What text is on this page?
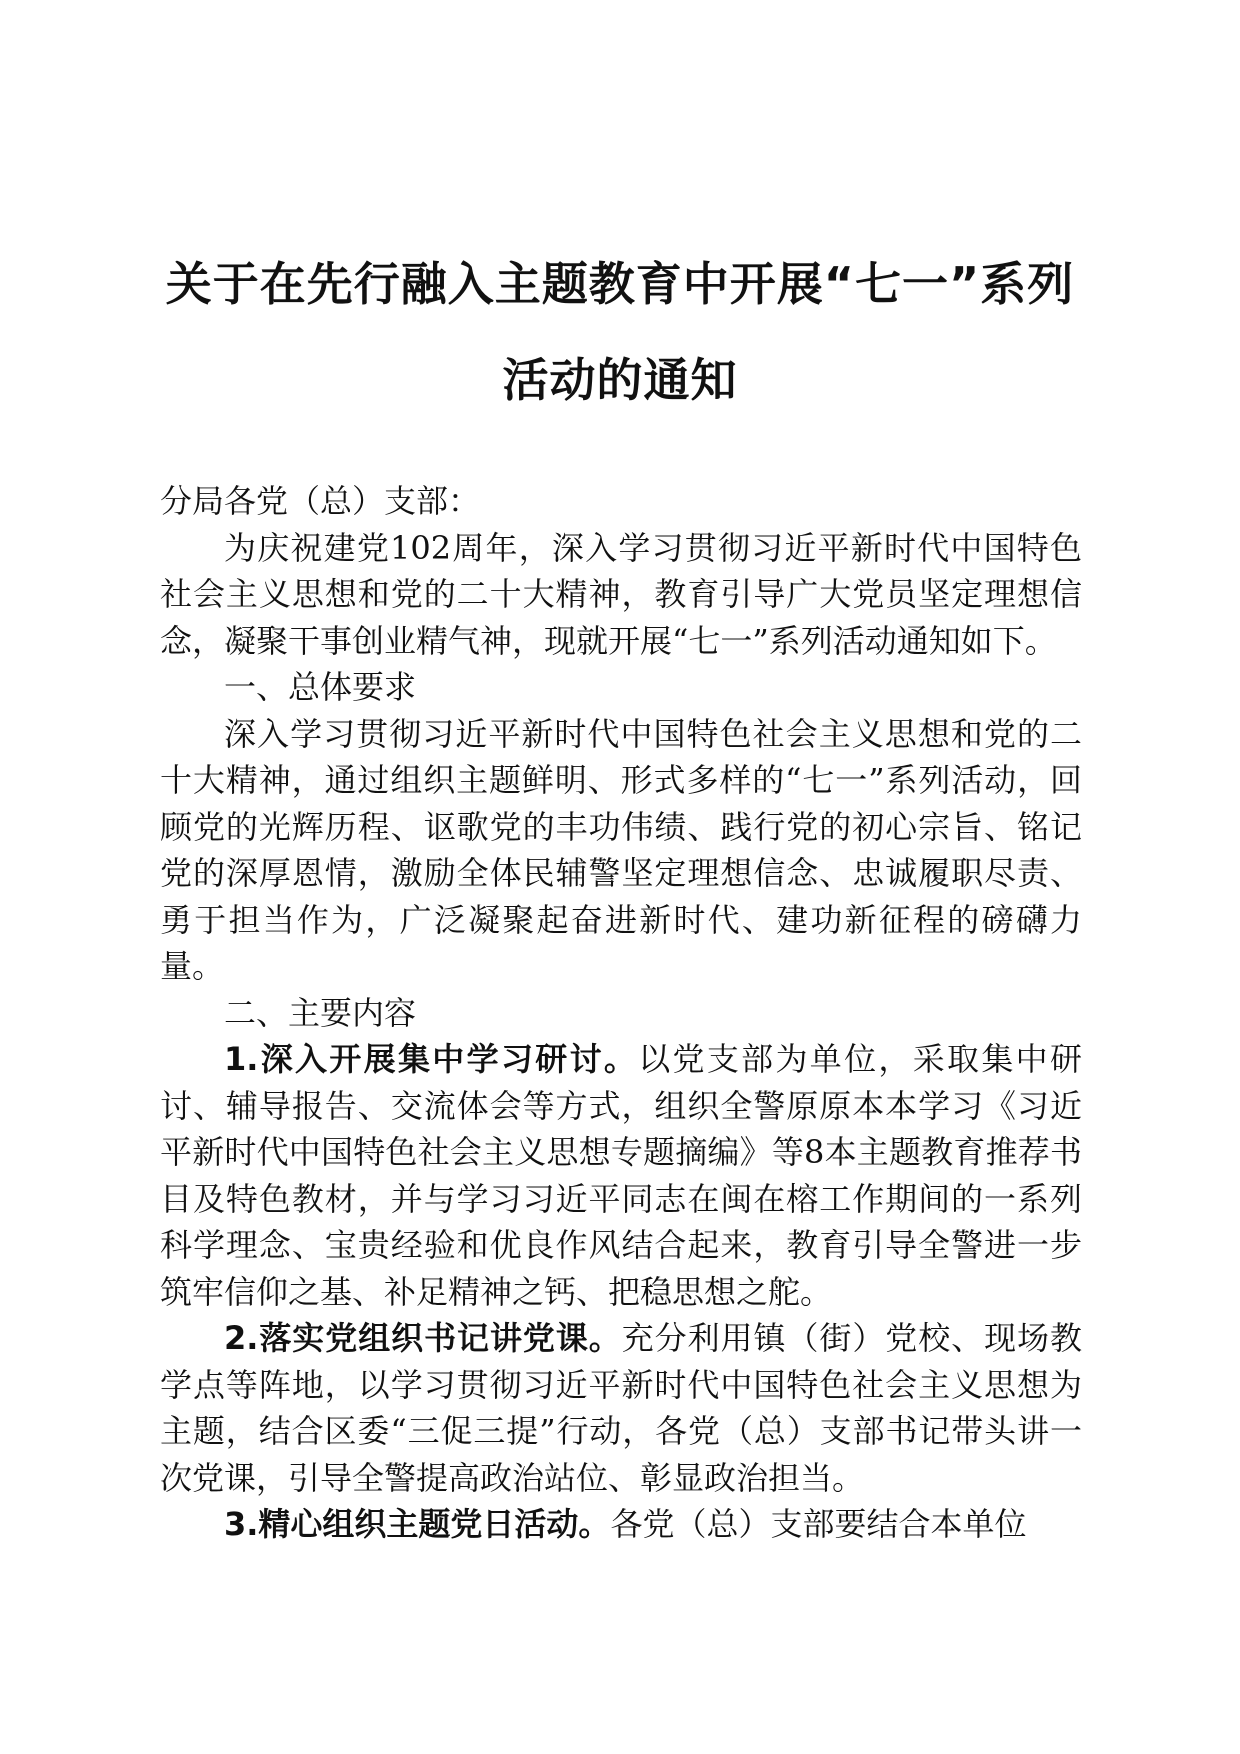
关于在先行融入主题教育中开展“七一”系列
活动的通知

分局各党（总）支部：

为庆祝建党102周年，深入学习贯彻习近平新时代中国特色社会主义思想和党的二十大精神，教育引导广大党员坚定理想信念，凝聚干事创业精气神，现就开展“七一”系列活动通知如下。

一、总体要求

深入学习贯彻习近平新时代中国特色社会主义思想和党的二十大精神，通过组织主题鲜明、形式多样的“七一”系列活动，回顾党的光辉历程、讴歌党的丰功伟绩、践行党的初心宗旨、铭记党的深厚恩情，激励全体民辅警坚定理想信念、忠诚履职尽责、勇于担当作为，广泛凝聚起奋进新时代、建功新征程的磅礴力量。

二、主要内容

1.深入开展集中学习研讨。以党支部为单位，采取集中研讨、辅导报告、交流体会等方式，组织全警原原本本学习《习近平新时代中国特色社会主义思想专题摘编》等8本主题教育推荐书目及特色教材，并与学习习近平同志在闽在榕工作期间的一系列科学理念、宝贵经验和优良作风结合起来，教育引导全警进一步筑牢信仰之基、补足精神之钙、把稳思想之舵。

2.落实党组织书记讲党课。充分利用镇（街）党校、现场教学点等阵地，以学习贯彻习近平新时代中国特色社会主义思想为主题，结合区委“三促三提”行动，各党（总）支部书记带头讲一次党课，引导全警提高政治站位、彰显政治担当。

3.精心组织主题党日活动。各党（总）支部要结合本单位
